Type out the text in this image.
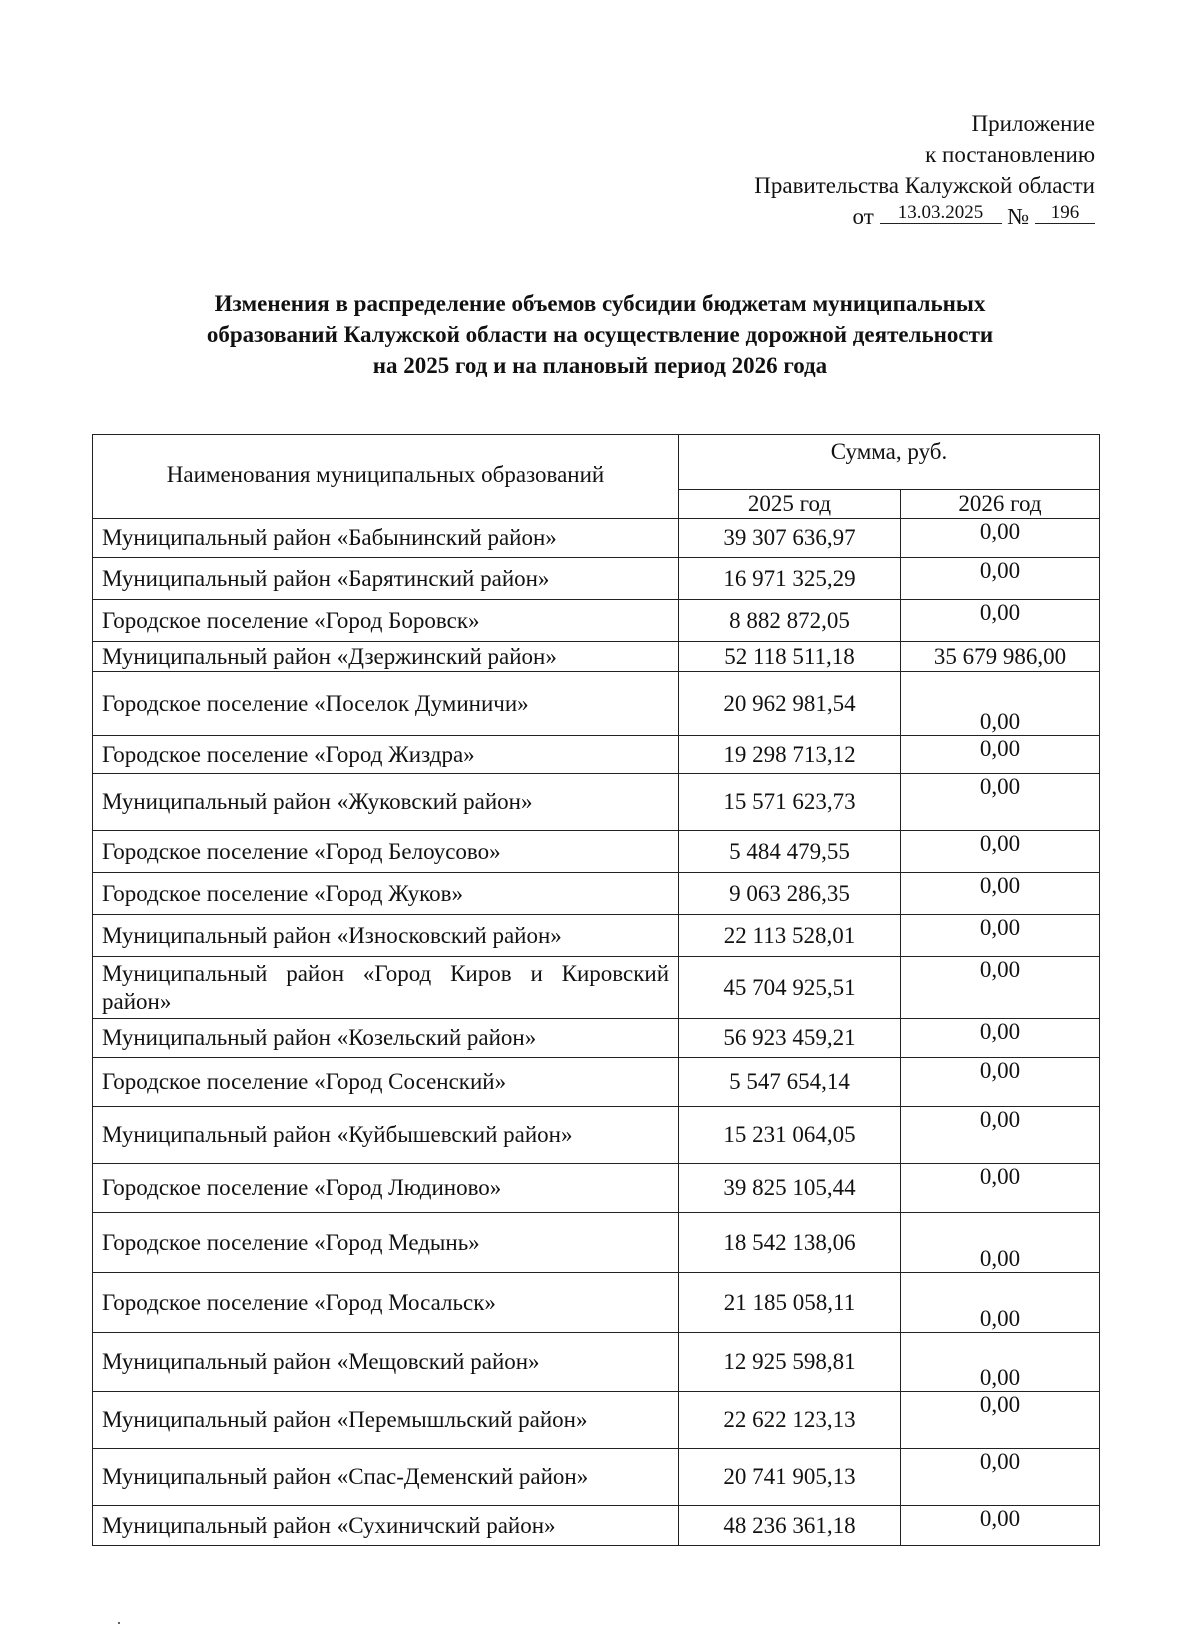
Приложение
к постановлению
Правительства Калужской области
от 13.03.2025 № 196
Изменения в распределение объемов субсидии бюджетам муниципальных
образований Калужской области на осуществление дорожной деятельности
на 2025 год и на плановый период 2026 года
Наименования муниципальных образований	Сумма, руб.	
	2025 год	2026 год
Муниципальный район «Бабынинский район»	39 307 636,97	0,00
Муниципальный район «Барятинский район»	16 971 325,29	0,00
Городское поселение «Город Боровск»	8 882 872,05	0,00
Муниципальный район «Дзержинский район»	52 118 511,18	35 679 986,00
Городское поселение «Поселок Думиничи»	20 962 981,54	0,00
Городское поселение «Город Жиздра»	19 298 713,12	0,00
Муниципальный район «Жуковский район»	15 571 623,73	0,00
Городское поселение «Город Белоусово»	5 484 479,55	0,00
Городское поселение «Город Жуков»	9 063 286,35	0,00
Муниципальный район «Износковский район»	22 113 528,01	0,00
Муниципальный район «Город Киров и Кировский район»	45 704 925,51	0,00
Муниципальный район «Козельский район»	56 923 459,21	0,00
Городское поселение «Город Сосенский»	5 547 654,14	0,00
Муниципальный район «Куйбышевский район»	15 231 064,05	0,00
Городское поселение «Город Людиново»	39 825 105,44	0,00
Городское поселение «Город Медынь»	18 542 138,06	0,00
Городское поселение «Город Мосальск»	21 185 058,11	0,00
Муниципальный район «Мещовский район»	12 925 598,81	0,00
Муниципальный район «Перемышльский район»	22 622 123,13	0,00
Муниципальный район «Спас-Деменский район»	20 741 905,13	0,00
Муниципальный район «Сухиничский район»	48 236 361,18	0,00
